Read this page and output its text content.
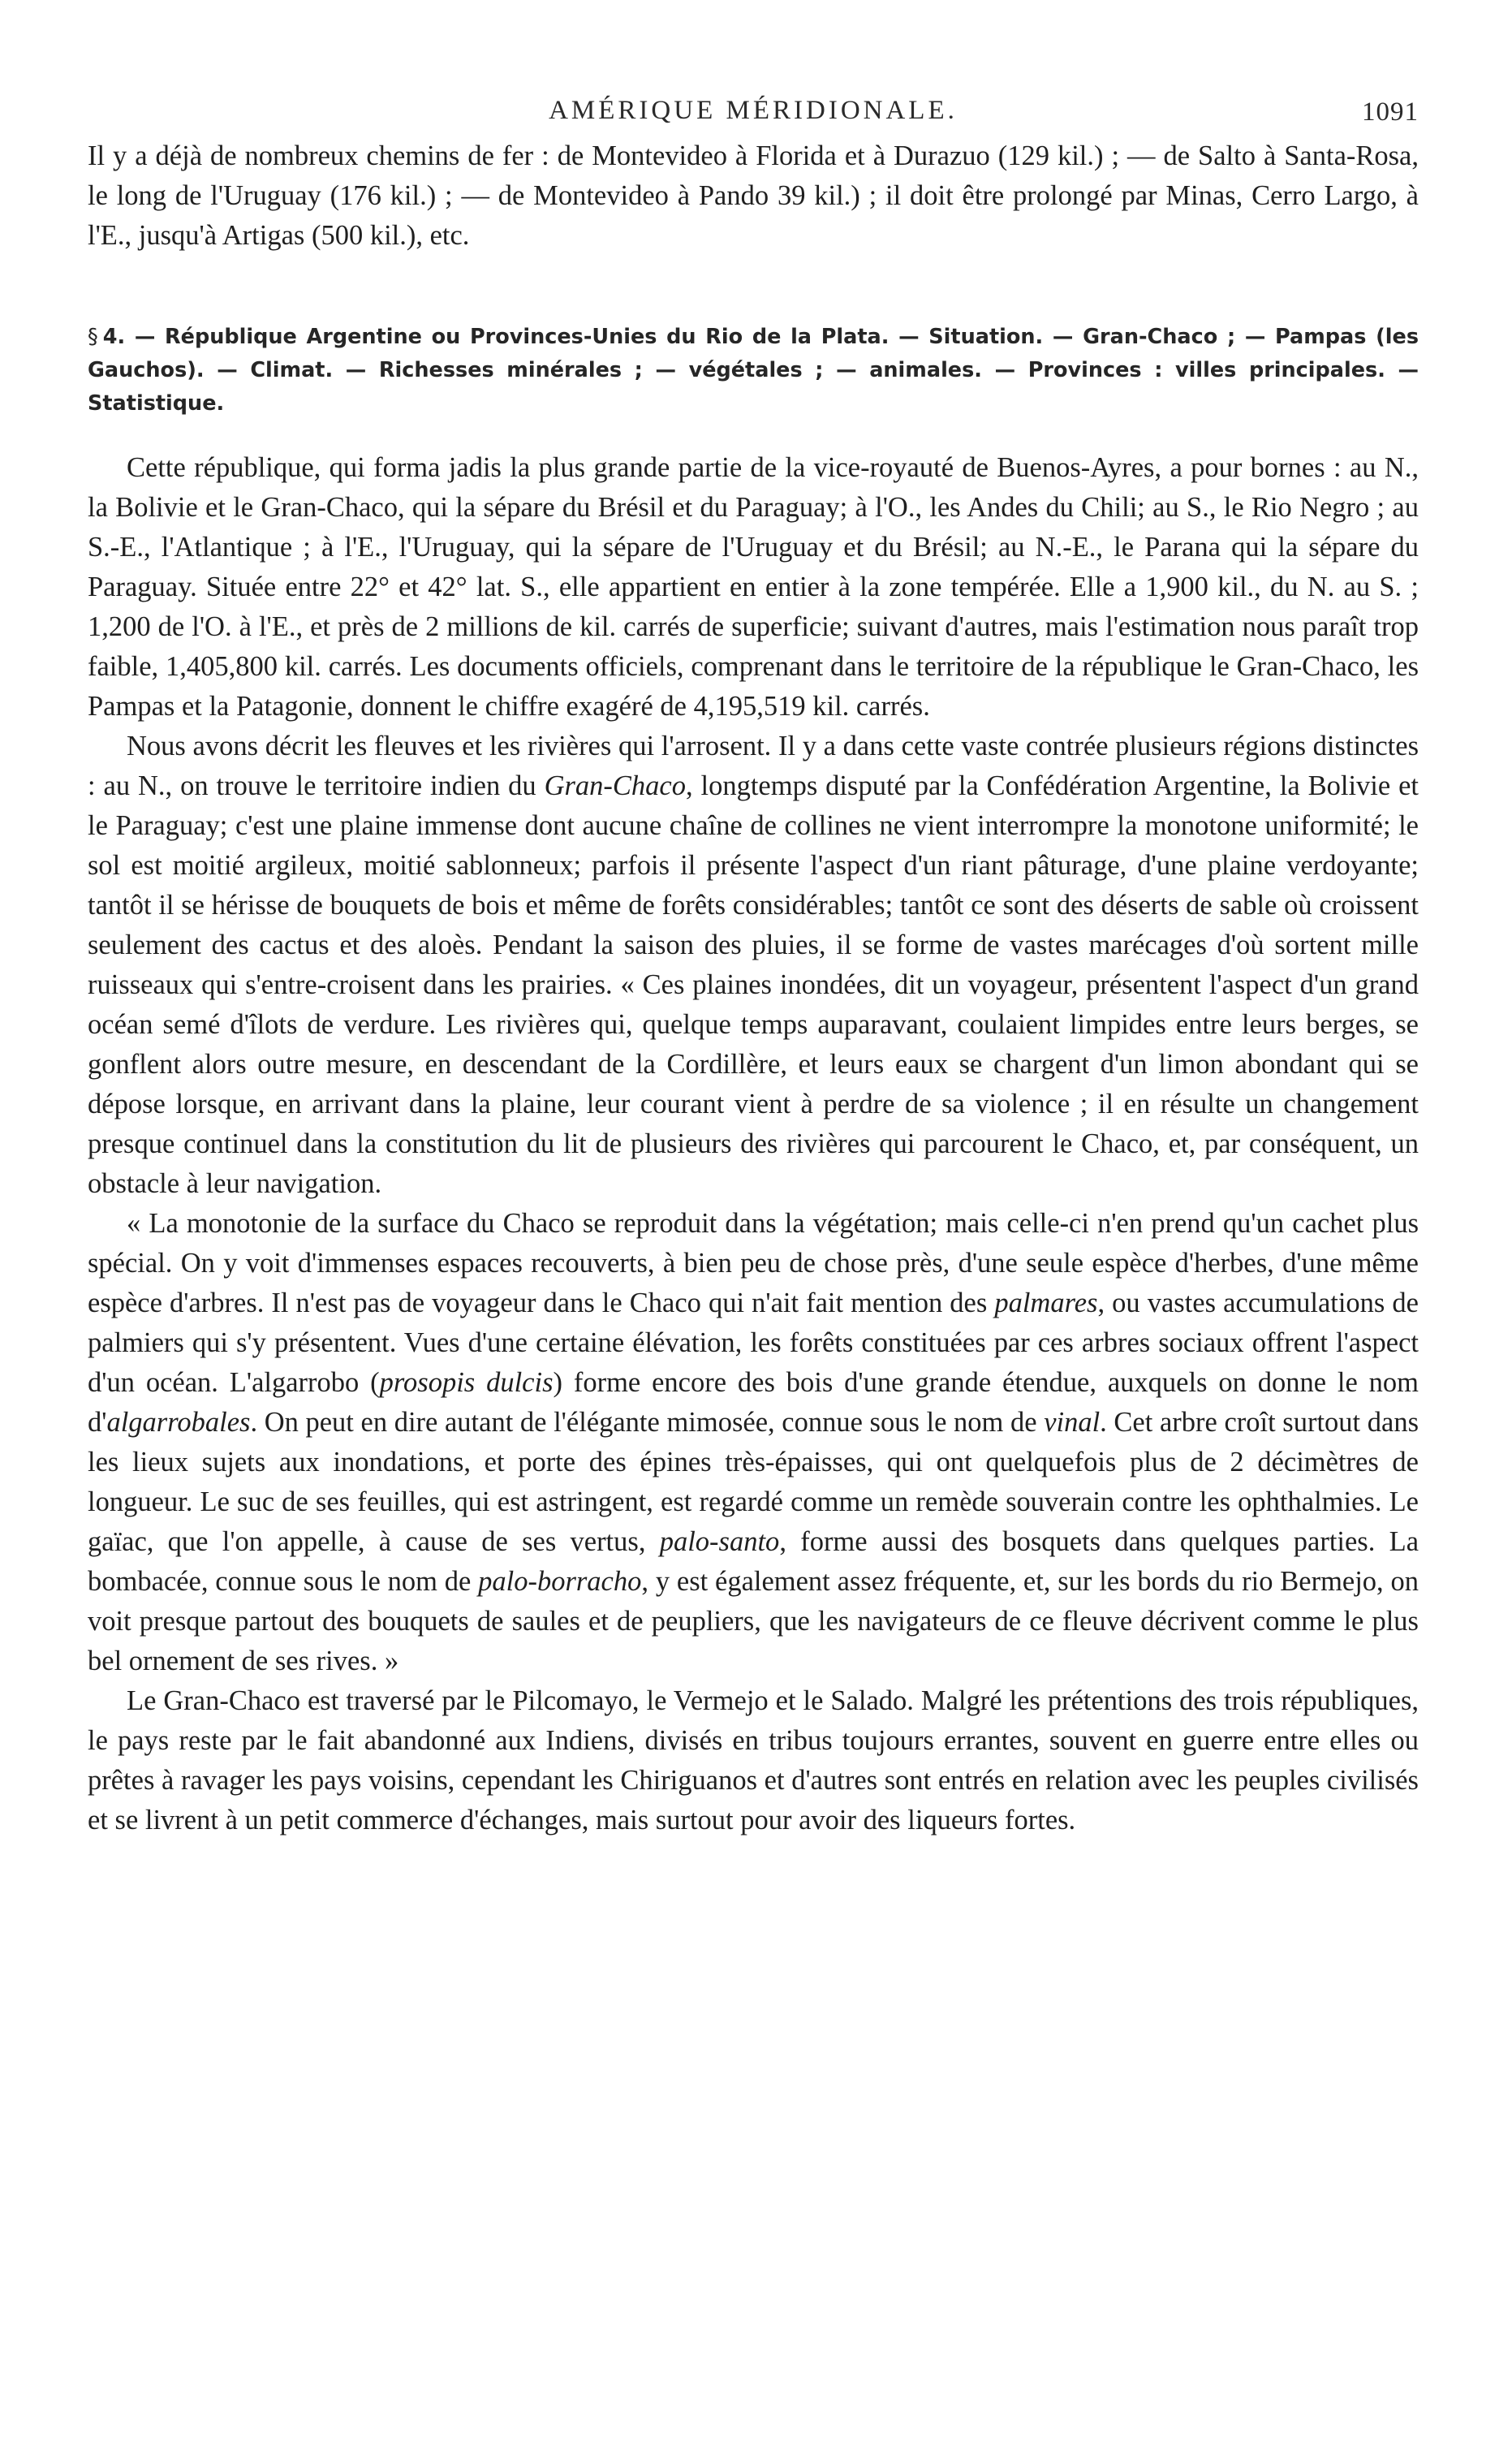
AMÉRIQUE MÉRIDIONALE.	1091

Il y a déjà de nombreux chemins de fer : de Montevideo à Florida et à Durazuo (129 kil.) ; — de Salto à Santa-Rosa, le long de l'Uruguay (176 kil.) ; — de Montevideo à Pando 39 kil.) ; il doit être prolongé par Minas, Cerro Largo, à l'E., jusqu'à Artigas (500 kil.), etc.

§ 4. — République Argentine ou Provinces-Unies du Rio de la Plata. — Situation. — Gran-Chaco ; — Pampas (les Gauchos). — Climat. — Richesses minérales ; — végétales ; — animales. — Provinces : villes principales. — Statistique.

Cette république, qui forma jadis la plus grande partie de la vice-royauté de Buenos-Ayres, a pour bornes : au N., la Bolivie et le Gran-Chaco, qui la sépare du Brésil et du Paraguay; à l'O., les Andes du Chili; au S., le Rio Negro ; au S.-E., l'Atlantique ; à l'E., l'Uruguay, qui la sépare de l'Uruguay et du Brésil; au N.-E., le Parana qui la sépare du Paraguay. Située entre 22° et 42° lat. S., elle appartient en entier à la zone tempérée. Elle a 1,900 kil., du N. au S. ; 1,200 de l'O. à l'E., et près de 2 millions de kil. carrés de superficie; suivant d'autres, mais l'estimation nous paraît trop faible, 1,405,800 kil. carrés. Les documents officiels, comprenant dans le territoire de la république le Gran-Chaco, les Pampas et la Patagonie, donnent le chiffre exagéré de 4,195,519 kil. carrés.

Nous avons décrit les fleuves et les rivières qui l'arrosent. Il y a dans cette vaste contrée plusieurs régions distinctes : au N., on trouve le territoire indien du Gran-Chaco, longtemps disputé par la Confédération Argentine, la Bolivie et le Paraguay; c'est une plaine immense dont aucune chaîne de collines ne vient interrompre la monotone uniformité; le sol est moitié argileux, moitié sablonneux; parfois il présente l'aspect d'un riant pâturage, d'une plaine verdoyante; tantôt il se hérisse de bouquets de bois et même de forêts considérables; tantôt ce sont des déserts de sable où croissent seulement des cactus et des aloès. Pendant la saison des pluies, il se forme de vastes marécages d'où sortent mille ruisseaux qui s'entre-croisent dans les prairies. « Ces plaines inondées, dit un voyageur, présentent l'aspect d'un grand océan semé d'îlots de verdure. Les rivières qui, quelque temps auparavant, coulaient limpides entre leurs berges, se gonflent alors outre mesure, en descendant de la Cordillère, et leurs eaux se chargent d'un limon abondant qui se dépose lorsque, en arrivant dans la plaine, leur courant vient à perdre de sa violence ; il en résulte un changement presque continuel dans la constitution du lit de plusieurs des rivières qui parcourent le Chaco, et, par conséquent, un obstacle à leur navigation.

« La monotonie de la surface du Chaco se reproduit dans la végétation; mais celle-ci n'en prend qu'un cachet plus spécial. On y voit d'immenses espaces recouverts, à bien peu de chose près, d'une seule espèce d'herbes, d'une même espèce d'arbres. Il n'est pas de voyageur dans le Chaco qui n'ait fait mention des palmares, ou vastes accumulations de palmiers qui s'y présentent. Vues d'une certaine élévation, les forêts constituées par ces arbres sociaux offrent l'aspect d'un océan. L'algarrobo (prosopis dulcis) forme encore des bois d'une grande étendue, auxquels on donne le nom d'algarrobales. On peut en dire autant de l'élégante mimosée, connue sous le nom de vinal. Cet arbre croît surtout dans les lieux sujets aux inondations, et porte des épines très-épaisses, qui ont quelquefois plus de 2 décimètres de longueur. Le suc de ses feuilles, qui est astringent, est regardé comme un remède souverain contre les ophthalmies. Le gaïac, que l'on appelle, à cause de ses vertus, palo-santo, forme aussi des bosquets dans quelques parties. La bombacée, connue sous le nom de palo-borracho, y est également assez fréquente, et, sur les bords du rio Bermejo, on voit presque partout des bouquets de saules et de peupliers, que les navigateurs de ce fleuve décrivent comme le plus bel ornement de ses rives. »

Le Gran-Chaco est traversé par le Pilcomayo, le Vermejo et le Salado. Malgré les prétentions des trois républiques, le pays reste par le fait abandonné aux Indiens, divisés en tribus toujours errantes, souvent en guerre entre elles ou prêtes à ravager les pays voisins, cependant les Chiriguanos et d'autres sont entrés en relation avec les peuples civilisés et se livrent à un petit commerce d'échanges, mais surtout pour avoir des liqueurs fortes.
